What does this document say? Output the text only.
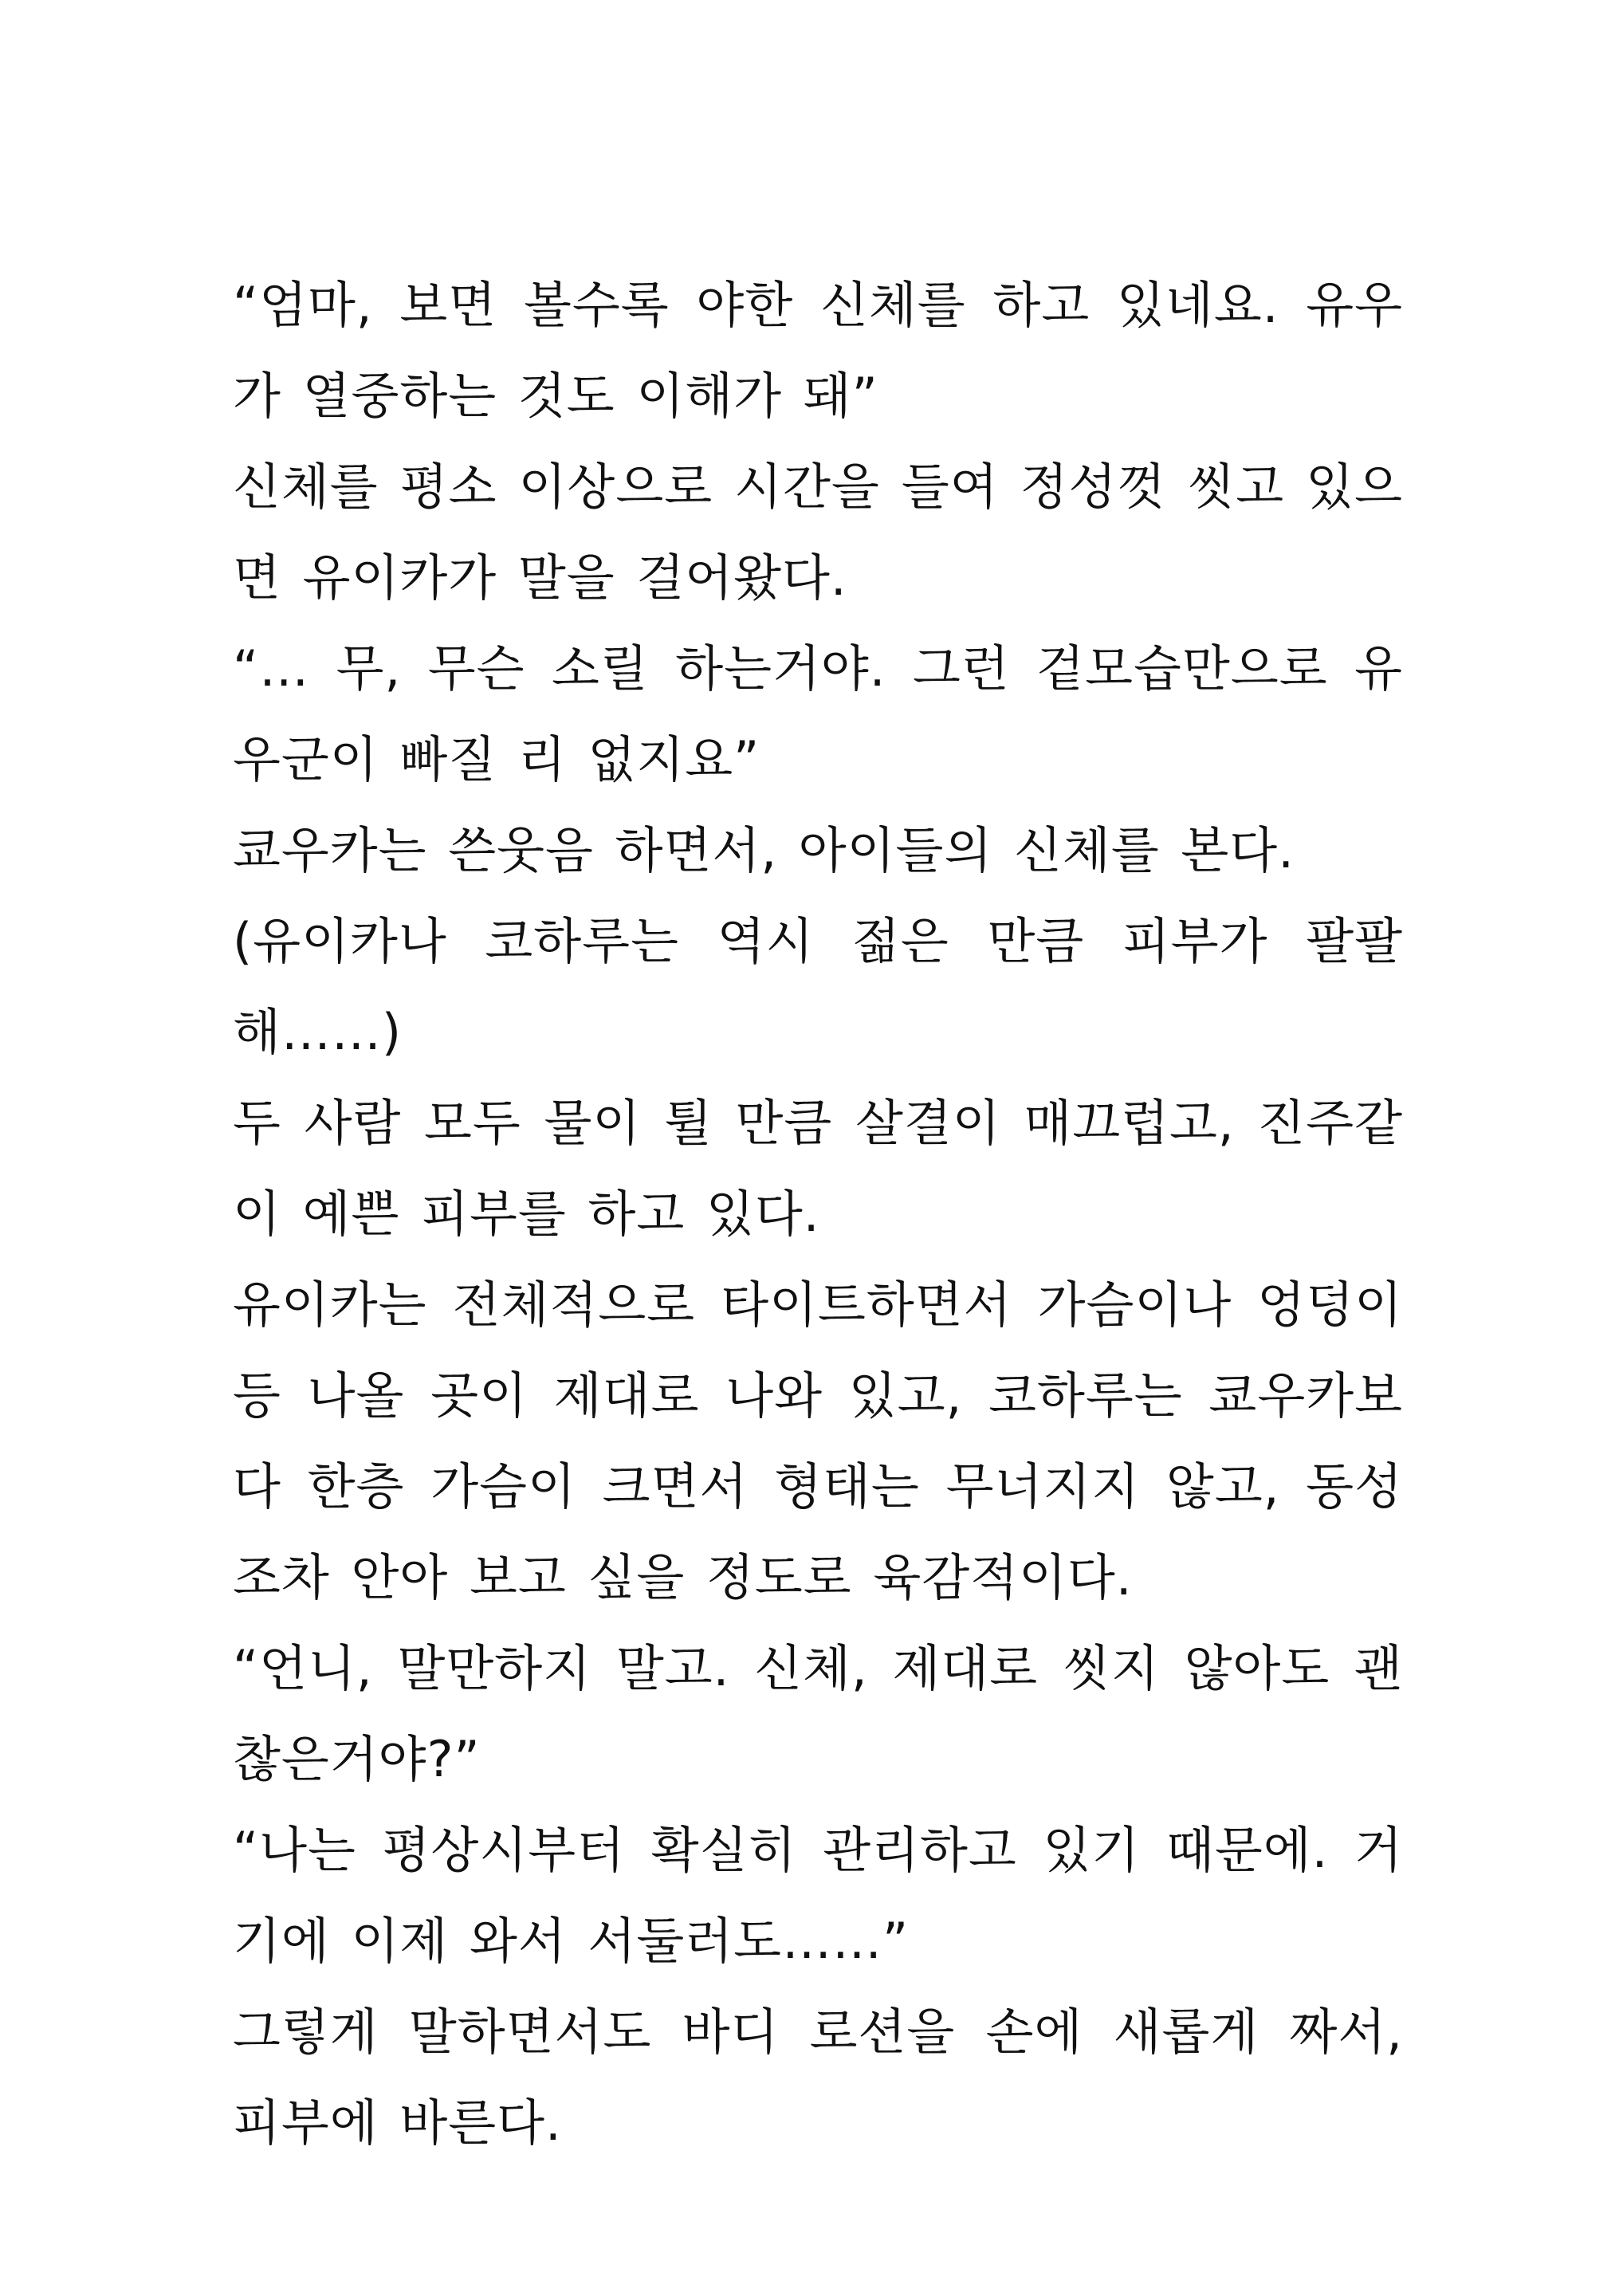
“엄마, 보면 볼수록 야한 신체를 하고 있네요. 유우가 열중하는 것도 이해가 돼”

신체를 평소 이상으로 시간을 들여 정성껏 씻고 있으면 유이카가 말을 걸어왔다.

“… 무, 무슨 소릴 하는거야. 그런 겉모습만으로 유우군이 빠질 리 없지요”

쿄우카는 쓴웃음 하면서, 아이들의 신체를 본다.

(유이카나 코하루는 역시 젊은 만큼 피부가 팔팔해……)

두 사람 모두 물이 튈 만큼 살결이 매끄럽고, 진주같이 예쁜 피부를 하고 있다.

유이카는 전체적으로 타이트하면서 가슴이나 엉덩이 등 나올 곳이 제대로 나와 있고, 코하루는 쿄우카보다 한층 가슴이 크면서 형태는 무너지지 않고, 동성조차 안아 보고 싶을 정도로 육감적이다.

“언니, 말만하지 말고. 신체, 제대로 씻지 않아도 괜찮은거야?”

“나는 평상시부터 확실히 관리하고 있기 때문에. 거기에 이제 와서 서둘러도……”

그렇게 말하면서도 바디 로션을 손에 새롭게 짜서, 피부에 바른다.
